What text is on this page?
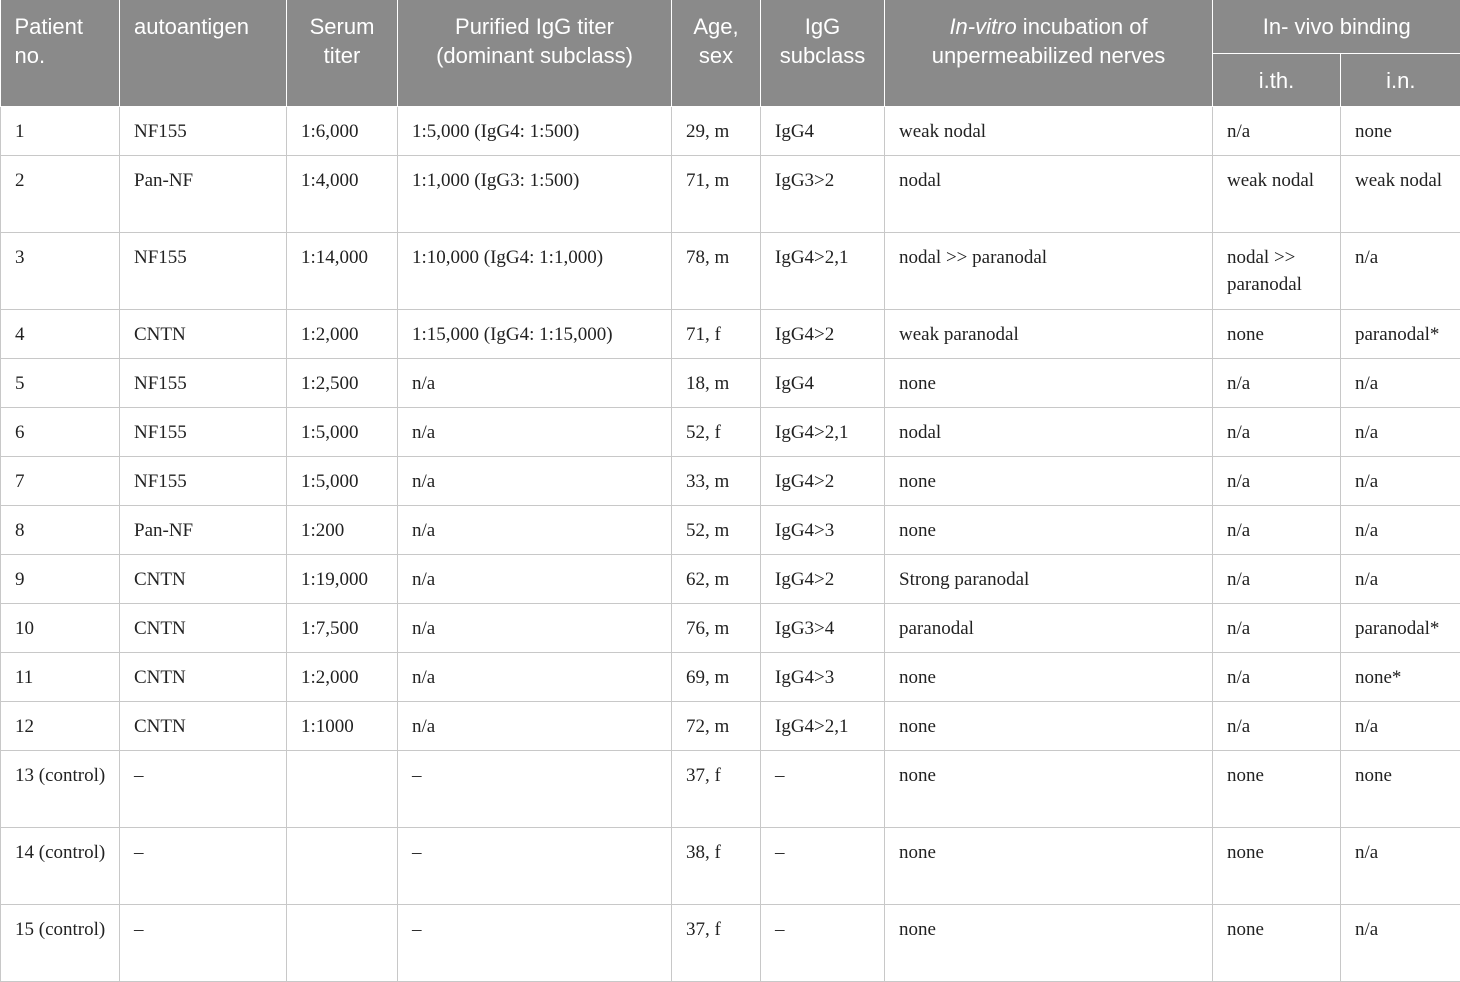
Patient no.	autoantigen	Serum titer	Purified IgG titer (dominant subclass)	Age, sex	IgG subclass	In-vitro incubation of unpermeabilized nerves	In- vivo binding	
							i.th.	i.n.
1	NF155	1:6,000	1:5,000 (IgG4: 1:500)	29, m	IgG4	weak nodal	n/a	none
2	Pan-NF	1:4,000	1:1,000 (IgG3: 1:500)	71, m	IgG3>2	nodal	weak nodal	weak nodal
3	NF155	1:14,000	1:10,000 (IgG4: 1:1,000)	78, m	IgG4>2,1	nodal >> paranodal	nodal >> paranodal	n/a
4	CNTN	1:2,000	1:15,000 (IgG4: 1:15,000)	71, f	IgG4>2	weak paranodal	none	paranodal*
5	NF155	1:2,500	n/a	18, m	IgG4	none	n/a	n/a
6	NF155	1:5,000	n/a	52, f	IgG4>2,1	nodal	n/a	n/a
7	NF155	1:5,000	n/a	33, m	IgG4>2	none	n/a	n/a
8	Pan-NF	1:200	n/a	52, m	IgG4>3	none	n/a	n/a
9	CNTN	1:19,000	n/a	62, m	IgG4>2	Strong paranodal	n/a	n/a
10	CNTN	1:7,500	n/a	76, m	IgG3>4	paranodal	n/a	paranodal*
11	CNTN	1:2,000	n/a	69, m	IgG4>3	none	n/a	none*
12	CNTN	1:1000	n/a	72, m	IgG4>2,1	none	n/a	n/a
13 (control)	–		–	37, f	–	none	none	none
14 (control)	–		–	38, f	–	none	none	n/a
15 (control)	–		–	37, f	–	none	none	n/a
